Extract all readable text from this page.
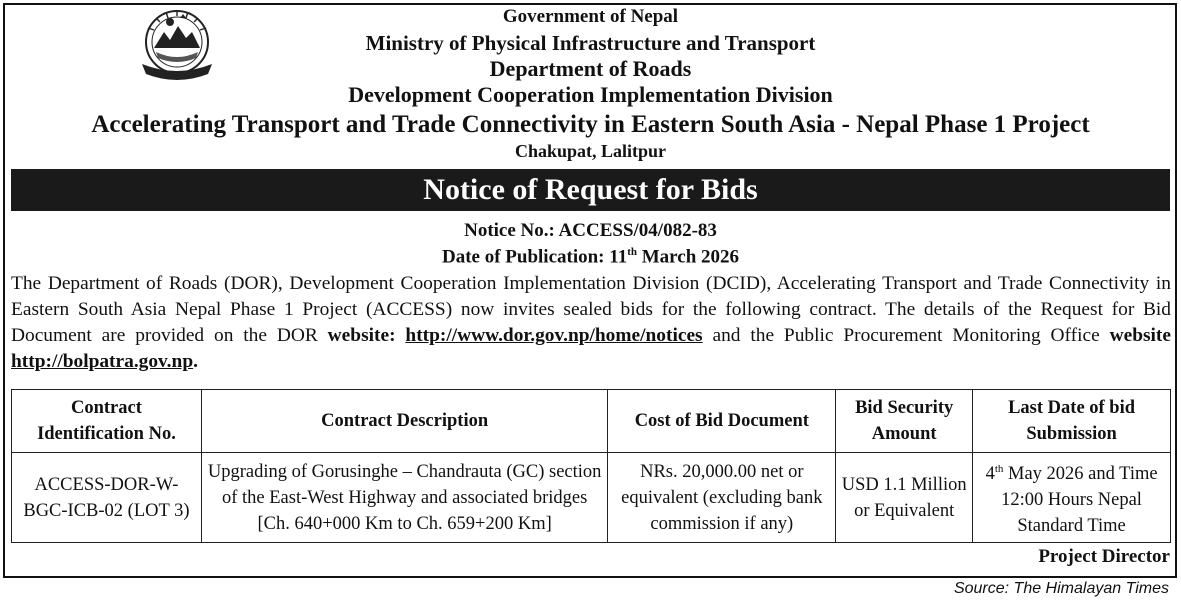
Government of Nepal
Ministry of Physical Infrastructure and Transport
Department of Roads
Development Cooperation Implementation Division
Accelerating Transport and Trade Connectivity in Eastern South Asia - Nepal Phase 1 Project
Chakupat, Lalitpur
Notice of Request for Bids
Notice No.: ACCESS/04/082-83
Date of Publication: 11th March 2026
The Department of Roads (DOR), Development Cooperation Implementation Division (DCID), Accelerating Transport and Trade Connectivity in Eastern South Asia Nepal Phase 1 Project (ACCESS) now invites sealed bids for the following contract. The details of the Request for Bid Document are provided on the DOR website: http://www.dor.gov.np/home/notices and the Public Procurement Monitoring Office website http://bolpatra.gov.np.
Contract Identification No.	Contract Description	Cost of Bid Document	Bid Security Amount	Last Date of bid Submission
ACCESS-DOR-W-BGC-ICB-02 (LOT 3)	Upgrading of Gorusinghe – Chandrauta (GC) section of the East-West Highway and associated bridges [Ch. 640+000 Km to Ch. 659+200 Km]	NRs. 20,000.00 net or equivalent (excluding bank commission if any)	USD 1.1 Million or Equivalent	4th May 2026 and Time 12:00 Hours Nepal Standard Time
Project Director
Source: The Himalayan Times
